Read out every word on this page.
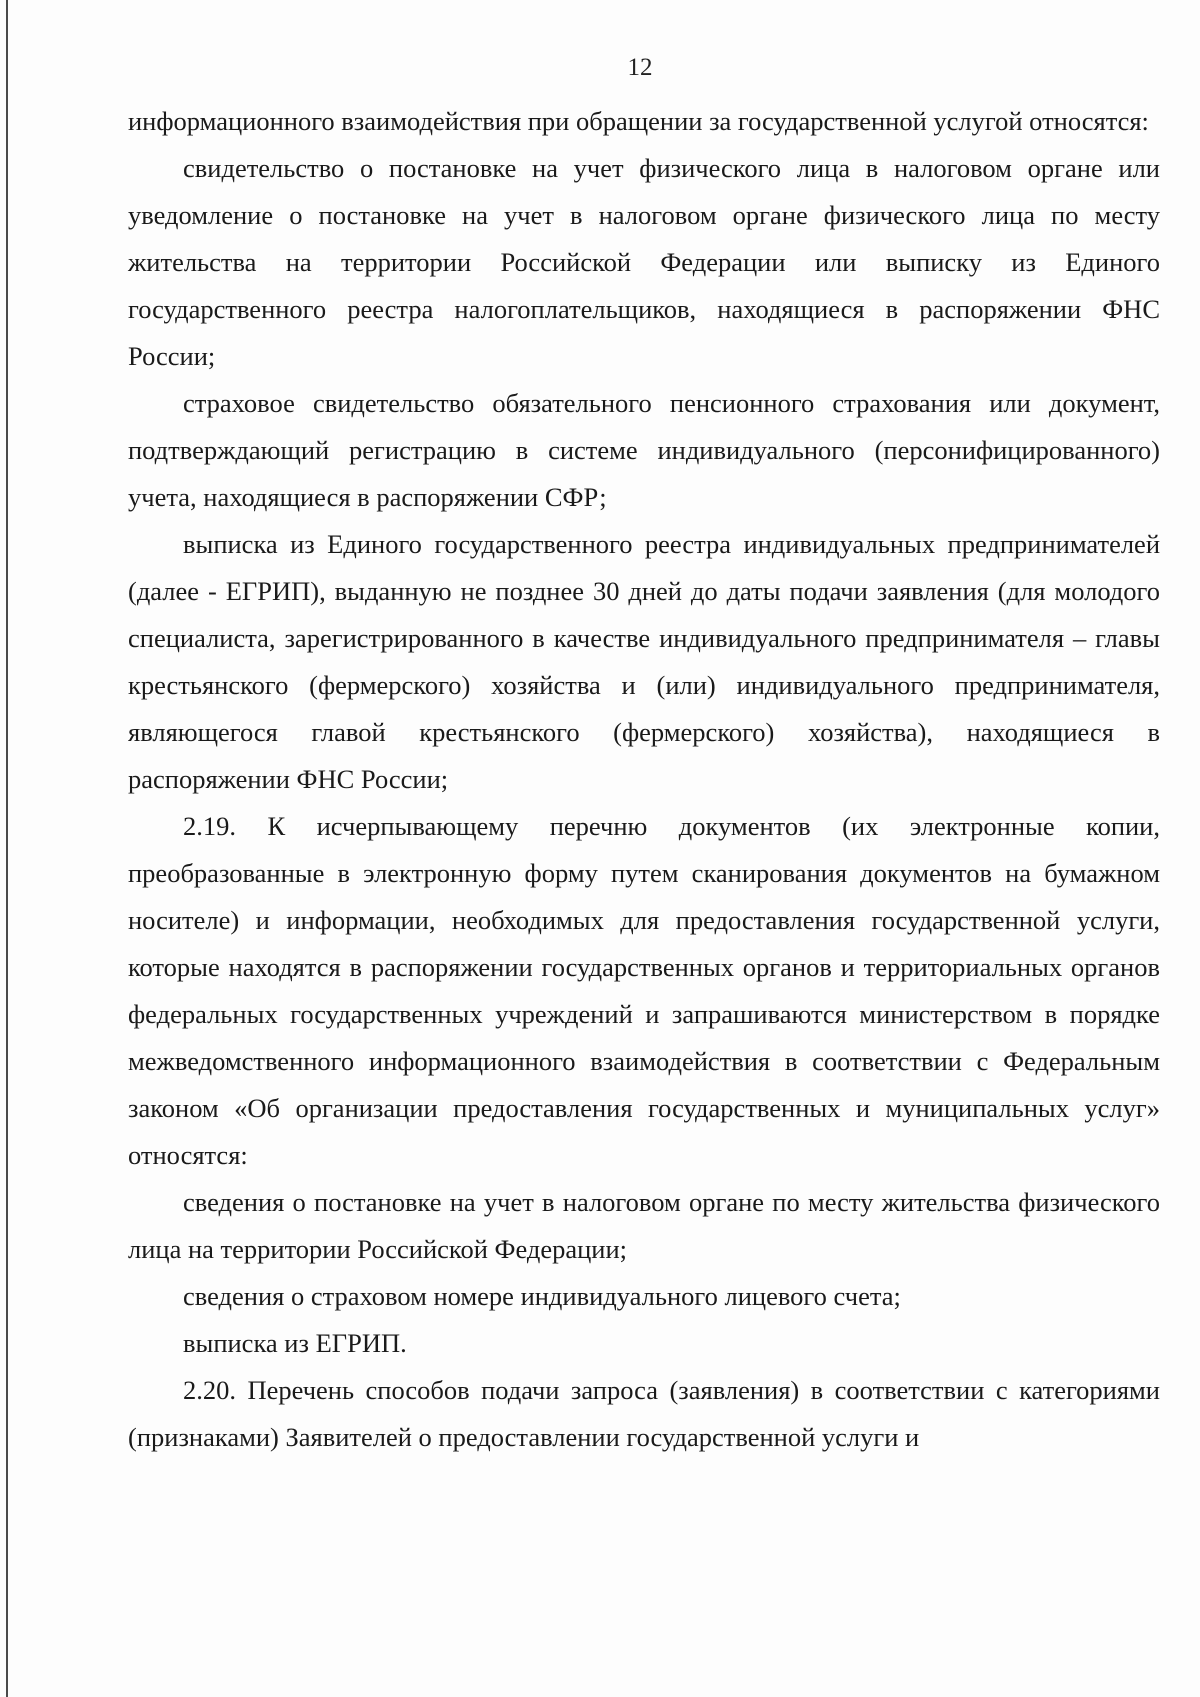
12

информационного взаимодействия при обращении за государственной услугой относятся:

свидетельство о постановке на учет физического лица в налоговом органе или уведомление о постановке на учет в налоговом органе физического лица по месту жительства на территории Российской Федерации или выписку из Единого государственного реестра налогоплательщиков, находящиеся в распоряжении ФНС России;

страховое свидетельство обязательного пенсионного страхования или документ, подтверждающий регистрацию в системе индивидуального (персонифицированного) учета, находящиеся в распоряжении СФР;

выписка из Единого государственного реестра индивидуальных предпринимателей (далее - ЕГРИП), выданную не позднее 30 дней до даты подачи заявления (для молодого специалиста, зарегистрированного в качестве индивидуального предпринимателя – главы крестьянского (фермерского) хозяйства и (или) индивидуального предпринимателя, являющегося главой крестьянского (фермерского) хозяйства), находящиеся в распоряжении ФНС России;

2.19. К исчерпывающему перечню документов (их электронные копии, преобразованные в электронную форму путем сканирования документов на бумажном носителе) и информации, необходимых для предоставления государственной услуги, которые находятся в распоряжении государственных органов и территориальных органов федеральных государственных учреждений и запрашиваются министерством в порядке межведомственного информационного взаимодействия в соответствии с Федеральным законом «Об организации предоставления государственных и муниципальных услуг» относятся:

сведения о постановке на учет в налоговом органе по месту жительства физического лица на территории Российской Федерации;

сведения о страховом номере индивидуального лицевого счета;

выписка из ЕГРИП.

2.20. Перечень способов подачи запроса (заявления) в соответствии с категориями (признаками) Заявителей о предоставлении государственной услуги и
